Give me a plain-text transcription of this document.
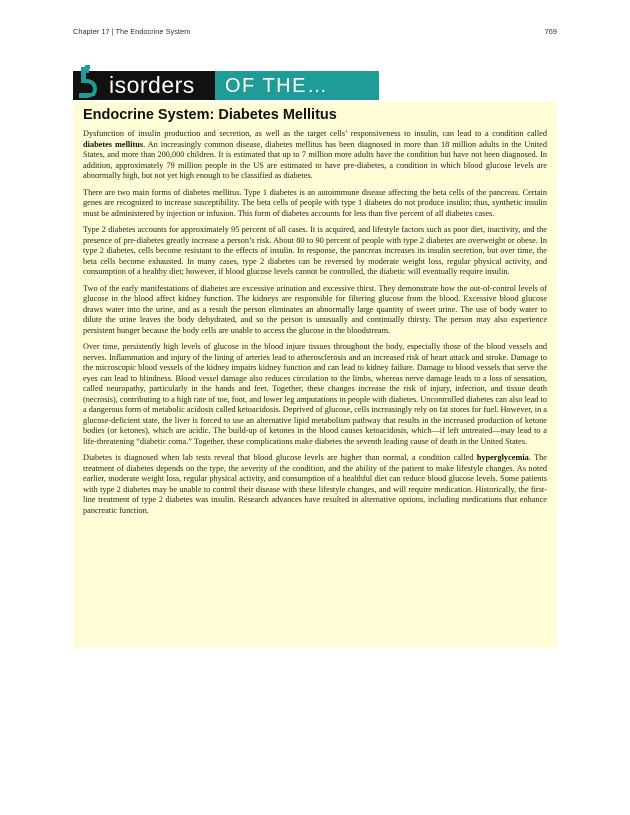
Chapter 17 | The Endocrine System	769
isorders OF THE…
Endocrine System: Diabetes Mellitus

Dysfunction of insulin production and secretion, as well as the target cells’ responsiveness to insulin, can lead to a condition called diabetes mellitus. An increasingly common disease, diabetes mellitus has been diagnosed in more than 18 million adults in the United States, and more than 200,000 children. It is estimated that up to 7 million more adults have the condition but have not been diagnosed. In addition, approximately 79 million people in the US are estimated to have pre-diabetes, a condition in which blood glucose levels are abnormally high, but not yet high enough to be classified as diabetes.

There are two main forms of diabetes mellitus. Type 1 diabetes is an autoimmune disease affecting the beta cells of the pancreas. Certain genes are recognized to increase susceptibility. The beta cells of people with type 1 diabetes do not produce insulin; thus, synthetic insulin must be administered by injection or infusion. This form of diabetes accounts for less than five percent of all diabetes cases.

Type 2 diabetes accounts for approximately 95 percent of all cases. It is acquired, and lifestyle factors such as poor diet, inactivity, and the presence of pre-diabetes greatly increase a person’s risk. About 80 to 90 percent of people with type 2 diabetes are overweight or obese. In type 2 diabetes, cells become resistant to the effects of insulin. In response, the pancreas increases its insulin secretion, but over time, the beta cells become exhausted. In many cases, type 2 diabetes can be reversed by moderate weight loss, regular physical activity, and consumption of a healthy diet; however, if blood glucose levels cannot be controlled, the diabetic will eventually require insulin.

Two of the early manifestations of diabetes are excessive urination and excessive thirst. They demonstrate how the out-of-control levels of glucose in the blood affect kidney function. The kidneys are responsible for filtering glucose from the blood. Excessive blood glucose draws water into the urine, and as a result the person eliminates an abnormally large quantity of sweet urine. The use of body water to dilute the urine leaves the body dehydrated, and so the person is unusually and continually thirsty. The person may also experience persistent hunger because the body cells are unable to access the glucose in the bloodstream.

Over time, persistently high levels of glucose in the blood injure tissues throughout the body, especially those of the blood vessels and nerves. Inflammation and injury of the lining of arteries lead to atherosclerosis and an increased risk of heart attack and stroke. Damage to the microscopic blood vessels of the kidney impairs kidney function and can lead to kidney failure. Damage to blood vessels that serve the eyes can lead to blindness. Blood vessel damage also reduces circulation to the limbs, whereas nerve damage leads to a loss of sensation, called neuropathy, particularly in the hands and feet. Together, these changes increase the risk of injury, infection, and tissue death (necrosis), contributing to a high rate of toe, foot, and lower leg amputations in people with diabetes. Uncontrolled diabetes can also lead to a dangerous form of metabolic acidosis called ketoacidosis. Deprived of glucose, cells increasingly rely on fat stores for fuel. However, in a glucose-deficient state, the liver is forced to use an alternative lipid metabolism pathway that results in the increased production of ketone bodies (or ketones), which are acidic. The build-up of ketones in the blood causes ketoacidosis, which—if left untreated—may lead to a life-threatening “diabetic coma.” Together, these complications make diabetes the seventh leading cause of death in the United States.

Diabetes is diagnosed when lab tests reveal that blood glucose levels are higher than normal, a condition called hyperglycemia. The treatment of diabetes depends on the type, the severity of the condition, and the ability of the patient to make lifestyle changes. As noted earlier, moderate weight loss, regular physical activity, and consumption of a healthful diet can reduce blood glucose levels. Some patients with type 2 diabetes may be unable to control their disease with these lifestyle changes, and will require medication. Historically, the first-line treatment of type 2 diabetes was insulin. Research advances have resulted in alternative options, including medications that enhance pancreatic function.
